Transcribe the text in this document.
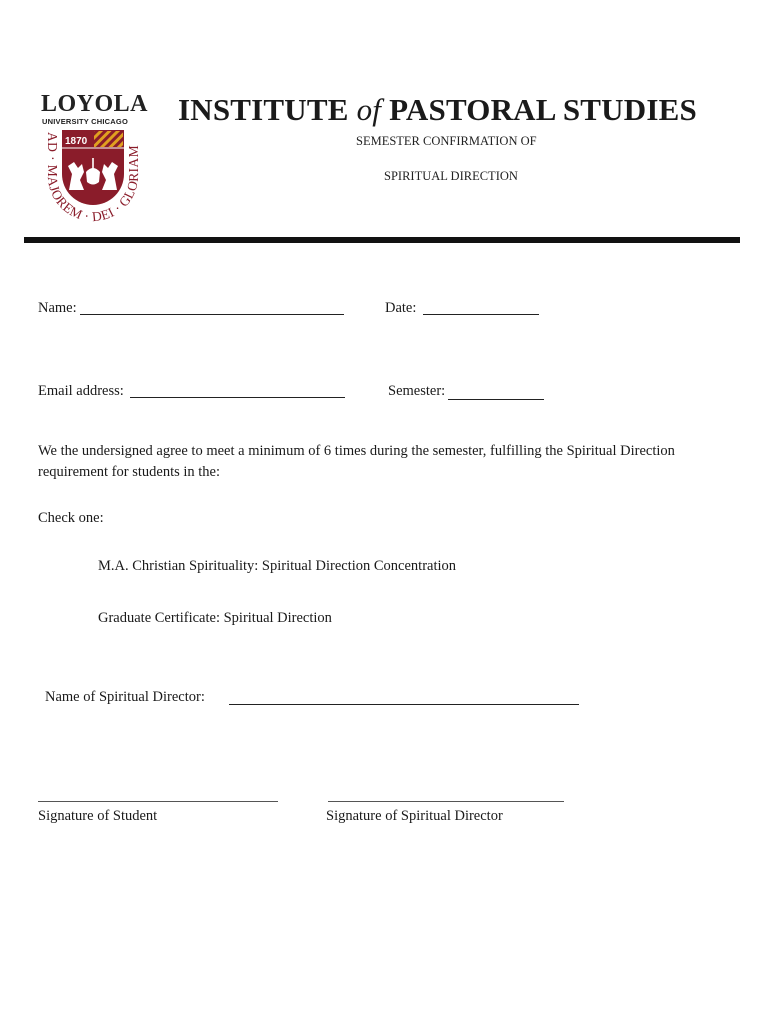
LOYOLA
UNIVERSITY CHICAGO
AD · MAJOREM · DEI · GLORIAM
1870
INSTITUTE of PASTORAL STUDIES
SEMESTER CONFIRMATION OF
SPIRITUAL DIRECTION
Name:	Date:
Email address:	Semester:
We the undersigned agree to meet a minimum of 6 times during the semester, fulfilling the Spiritual Direction requirement for students in the:
Check one:
M.A. Christian Spirituality: Spiritual Direction Concentration
Graduate Certificate: Spiritual Direction
Name of Spiritual Director:
Signature of Student	Signature of Spiritual Director
